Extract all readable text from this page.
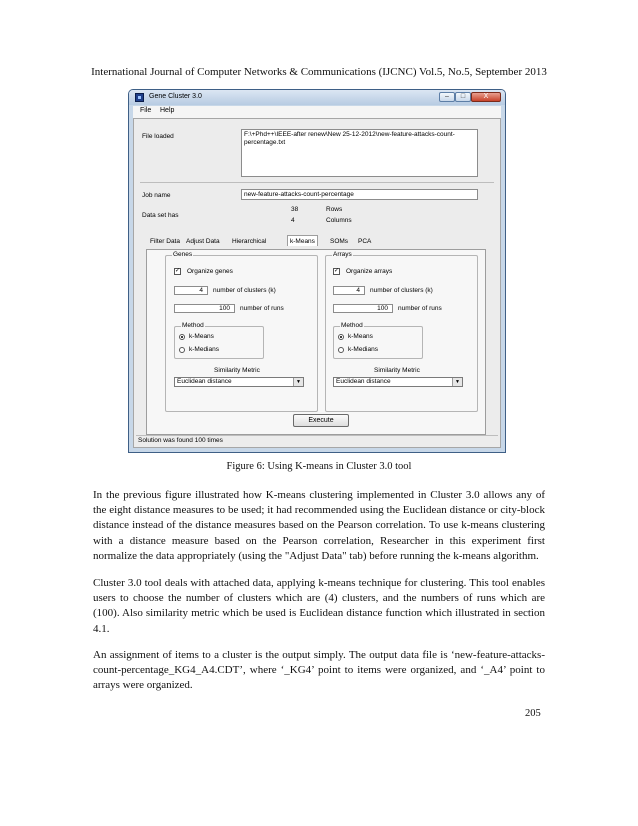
International Journal of Computer Networks & Communications (IJCNC) Vol.5, No.5, September 2013
Gene Cluster 3.0	–	□	X
File Help
File loaded	F:\+Phd++\IEEE-after renew\New 25-12-2012\new-feature-attacks-count-percentage.txt
Job name	new-feature-attacks-count-percentage
Data set has
38	Rows
4	Columns
Filter Data Adjust Data	Hierarchical	k-Means	SOMs	PCA
Genes
✓ Organize genes
4	number of clusters (k)
100	number of runs
Method
k-Means
k-Medians
Similarity Metric
Euclidean distance	▼
Arrays
✓ Organize arrays
4	number of clusters (k)
100	number of runs
Method
k-Means
k-Medians
Similarity Metric
Euclidean distance	▼
Execute
Solution was found 100 times
Figure 6: Using K-means in Cluster 3.0 tool

In the previous figure illustrated how K-means clustering implemented in Cluster 3.0 allows any of the eight distance measures to be used; it had recommended using the Euclidean distance or city-block distance instead of the distance measures based on the Pearson correlation. To use k-means clustering with a distance measure based on the Pearson correlation, Researcher in this experiment first normalize the data appropriately (using the "Adjust Data" tab) before running the k-means algorithm.

Cluster 3.0 tool deals with attached data, applying k-means technique for clustering. This tool enables users to choose the number of clusters which are (4) clusters, and the numbers of runs which are (100). Also similarity metric which be used is Euclidean distance function which illustrated in section 4.1.

An assignment of items to a cluster is the output simply. The output data file is ‘new-feature-attacks-count-percentage_KG4_A4.CDT’, where ‘_KG4’ point to items were organized, and ‘_A4’ point to arrays were organized.

205
